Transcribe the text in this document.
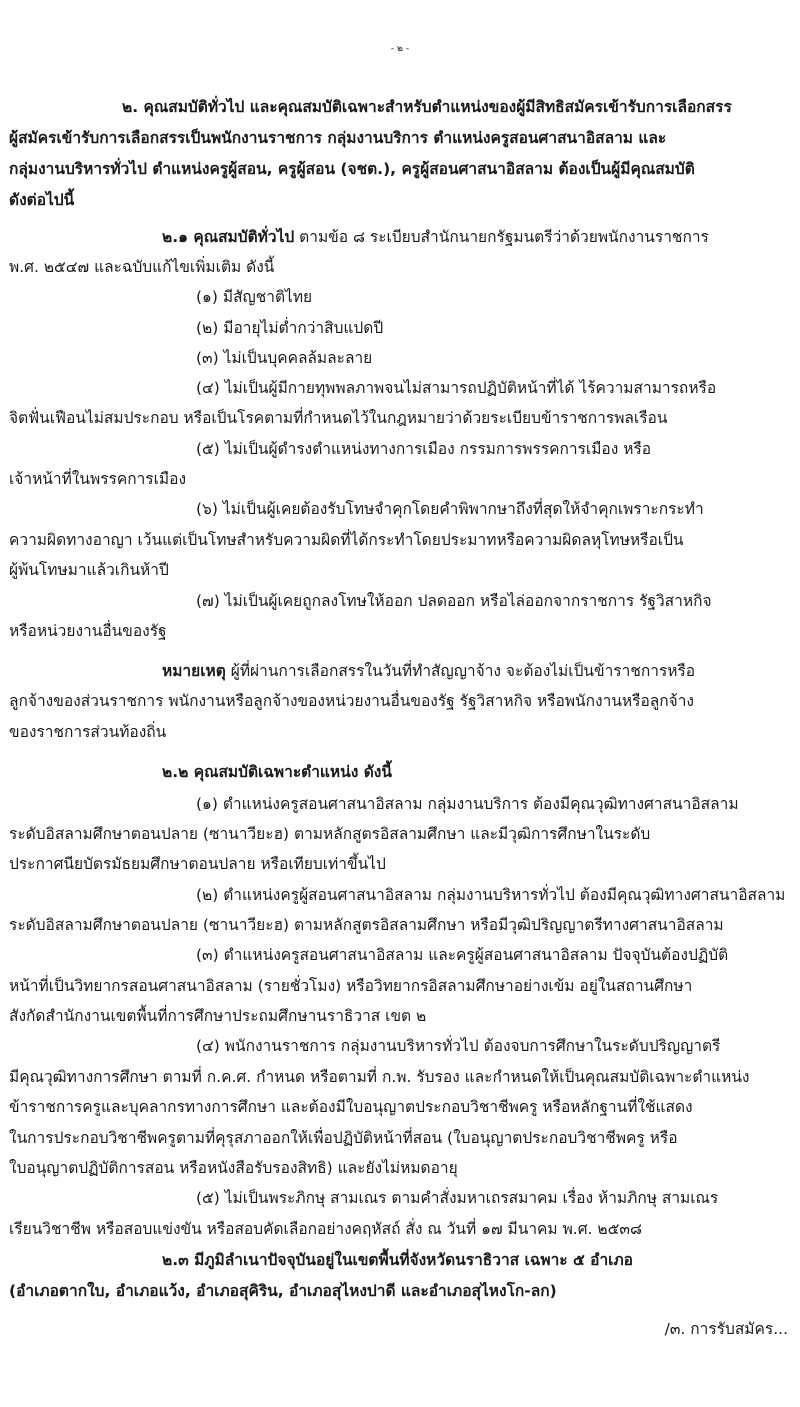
- ๒ -
๒. คุณสมบัติทั่วไป และคุณสมบัติเฉพาะสำหรับตำแหน่งของผู้มีสิทธิสมัครเข้ารับการเลือกสรร
ผู้สมัครเข้ารับการเลือกสรรเป็นพนักงานราชการ กลุ่มงานบริการ ตำแหน่งครูสอนศาสนาอิสลาม และ
กลุ่มงานบริหารทั่วไป ตำแหน่งครูผู้สอน, ครูผู้สอน (จชต.), ครูผู้สอนศาสนาอิสลาม ต้องเป็นผู้มีคุณสมบัติ
ดังต่อไปนี้
๒.๑ คุณสมบัติทั่วไป ตามข้อ ๘ ระเบียบสำนักนายกรัฐมนตรีว่าด้วยพนักงานราชการ
พ.ศ. ๒๕๔๗ และฉบับแก้ไขเพิ่มเติม ดังนี้
(๑) มีสัญชาติไทย
(๒) มีอายุไม่ต่ำกว่าสิบแปดปี
(๓) ไม่เป็นบุคคลล้มละลาย
(๔) ไม่เป็นผู้มีกายทุพพลภาพจนไม่สามารถปฏิบัติหน้าที่ได้ ไร้ความสามารถหรือ
จิตฟั่นเฟือนไม่สมประกอบ หรือเป็นโรคตามที่กำหนดไว้ในกฎหมายว่าด้วยระเบียบข้าราชการพลเรือน
(๕) ไม่เป็นผู้ดำรงตำแหน่งทางการเมือง กรรมการพรรคการเมือง หรือ
เจ้าหน้าที่ในพรรคการเมือง
(๖) ไม่เป็นผู้เคยต้องรับโทษจำคุกโดยคำพิพากษาถึงที่สุดให้จำคุกเพราะกระทำ
ความผิดทางอาญา เว้นแต่เป็นโทษสำหรับความผิดที่ได้กระทำโดยประมาทหรือความผิดลหุโทษหรือเป็น
ผู้พ้นโทษมาแล้วเกินห้าปี
(๗) ไม่เป็นผู้เคยถูกลงโทษให้ออก ปลดออก หรือไล่ออกจากราชการ รัฐวิสาหกิจ
หรือหน่วยงานอื่นของรัฐ
หมายเหตุ ผู้ที่ผ่านการเลือกสรรในวันที่ทำสัญญาจ้าง จะต้องไม่เป็นข้าราชการหรือ
ลูกจ้างของส่วนราชการ พนักงานหรือลูกจ้างของหน่วยงานอื่นของรัฐ รัฐวิสาหกิจ หรือพนักงานหรือลูกจ้าง
ของราชการส่วนท้องถิ่น
๒.๒ คุณสมบัติเฉพาะตำแหน่ง ดังนี้
(๑) ตำแหน่งครูสอนศาสนาอิสลาม กลุ่มงานบริการ ต้องมีคุณวุฒิทางศาสนาอิสลาม
ระดับอิสลามศึกษาตอนปลาย (ซานาวียะฮ) ตามหลักสูตรอิสลามศึกษา และมีวุฒิการศึกษาในระดับ
ประกาศนียบัตรมัธยมศึกษาตอนปลาย หรือเทียบเท่าขึ้นไป
(๒) ตำแหน่งครูผู้สอนศาสนาอิสลาม กลุ่มงานบริหารทั่วไป ต้องมีคุณวุฒิทางศาสนาอิสลาม
ระดับอิสลามศึกษาตอนปลาย (ซานาวียะฮ) ตามหลักสูตรอิสลามศึกษา หรือมีวุฒิปริญญาตรีทางศาสนาอิสลาม
(๓) ตำแหน่งครูสอนศาสนาอิสลาม และครูผู้สอนศาสนาอิสลาม ปัจจุบันต้องปฏิบัติ
หน้าที่เป็นวิทยากรสอนศาสนาอิสลาม (รายชั่วโมง) หรือวิทยากรอิสลามศึกษาอย่างเข้ม อยู่ในสถานศึกษา
สังกัดสำนักงานเขตพื้นที่การศึกษาประถมศึกษานราธิวาส เขต ๒
(๔) พนักงานราชการ กลุ่มงานบริหารทั่วไป ต้องจบการศึกษาในระดับปริญญาตรี
มีคุณวุฒิทางการศึกษา ตามที่ ก.ค.ศ. กำหนด หรือตามที่ ก.พ. รับรอง และกำหนดให้เป็นคุณสมบัติเฉพาะตำแหน่ง
ข้าราชการครูและบุคลากรทางการศึกษา และต้องมีใบอนุญาตประกอบวิชาชีพครู หรือหลักฐานที่ใช้แสดง
ในการประกอบวิชาชีพครูตามที่คุรุสภาออกให้เพื่อปฏิบัติหน้าที่สอน (ใบอนุญาตประกอบวิชาชีพครู หรือ
ใบอนุญาตปฏิบัติการสอน หรือหนังสือรับรองสิทธิ) และยังไม่หมดอายุ
(๕) ไม่เป็นพระภิกษุ สามเณร ตามคำสั่งมหาเถรสมาคม เรื่อง ห้ามภิกษุ สามเณร
เรียนวิชาชีพ หรือสอบแข่งขัน หรือสอบคัดเลือกอย่างคฤหัสถ์ สั่ง ณ วันที่ ๑๗ มีนาคม พ.ศ. ๒๕๓๘
๒.๓ มีภูมิลำเนาปัจจุบันอยู่ในเขตพื้นที่จังหวัดนราธิวาส เฉพาะ ๕ อำเภอ
(อำเภอตากใบ, อำเภอแว้ง, อำเภอสุคิริน, อำเภอสุไหงปาดี และอำเภอสุไหงโก-ลก)
/๓. การรับสมัคร...
